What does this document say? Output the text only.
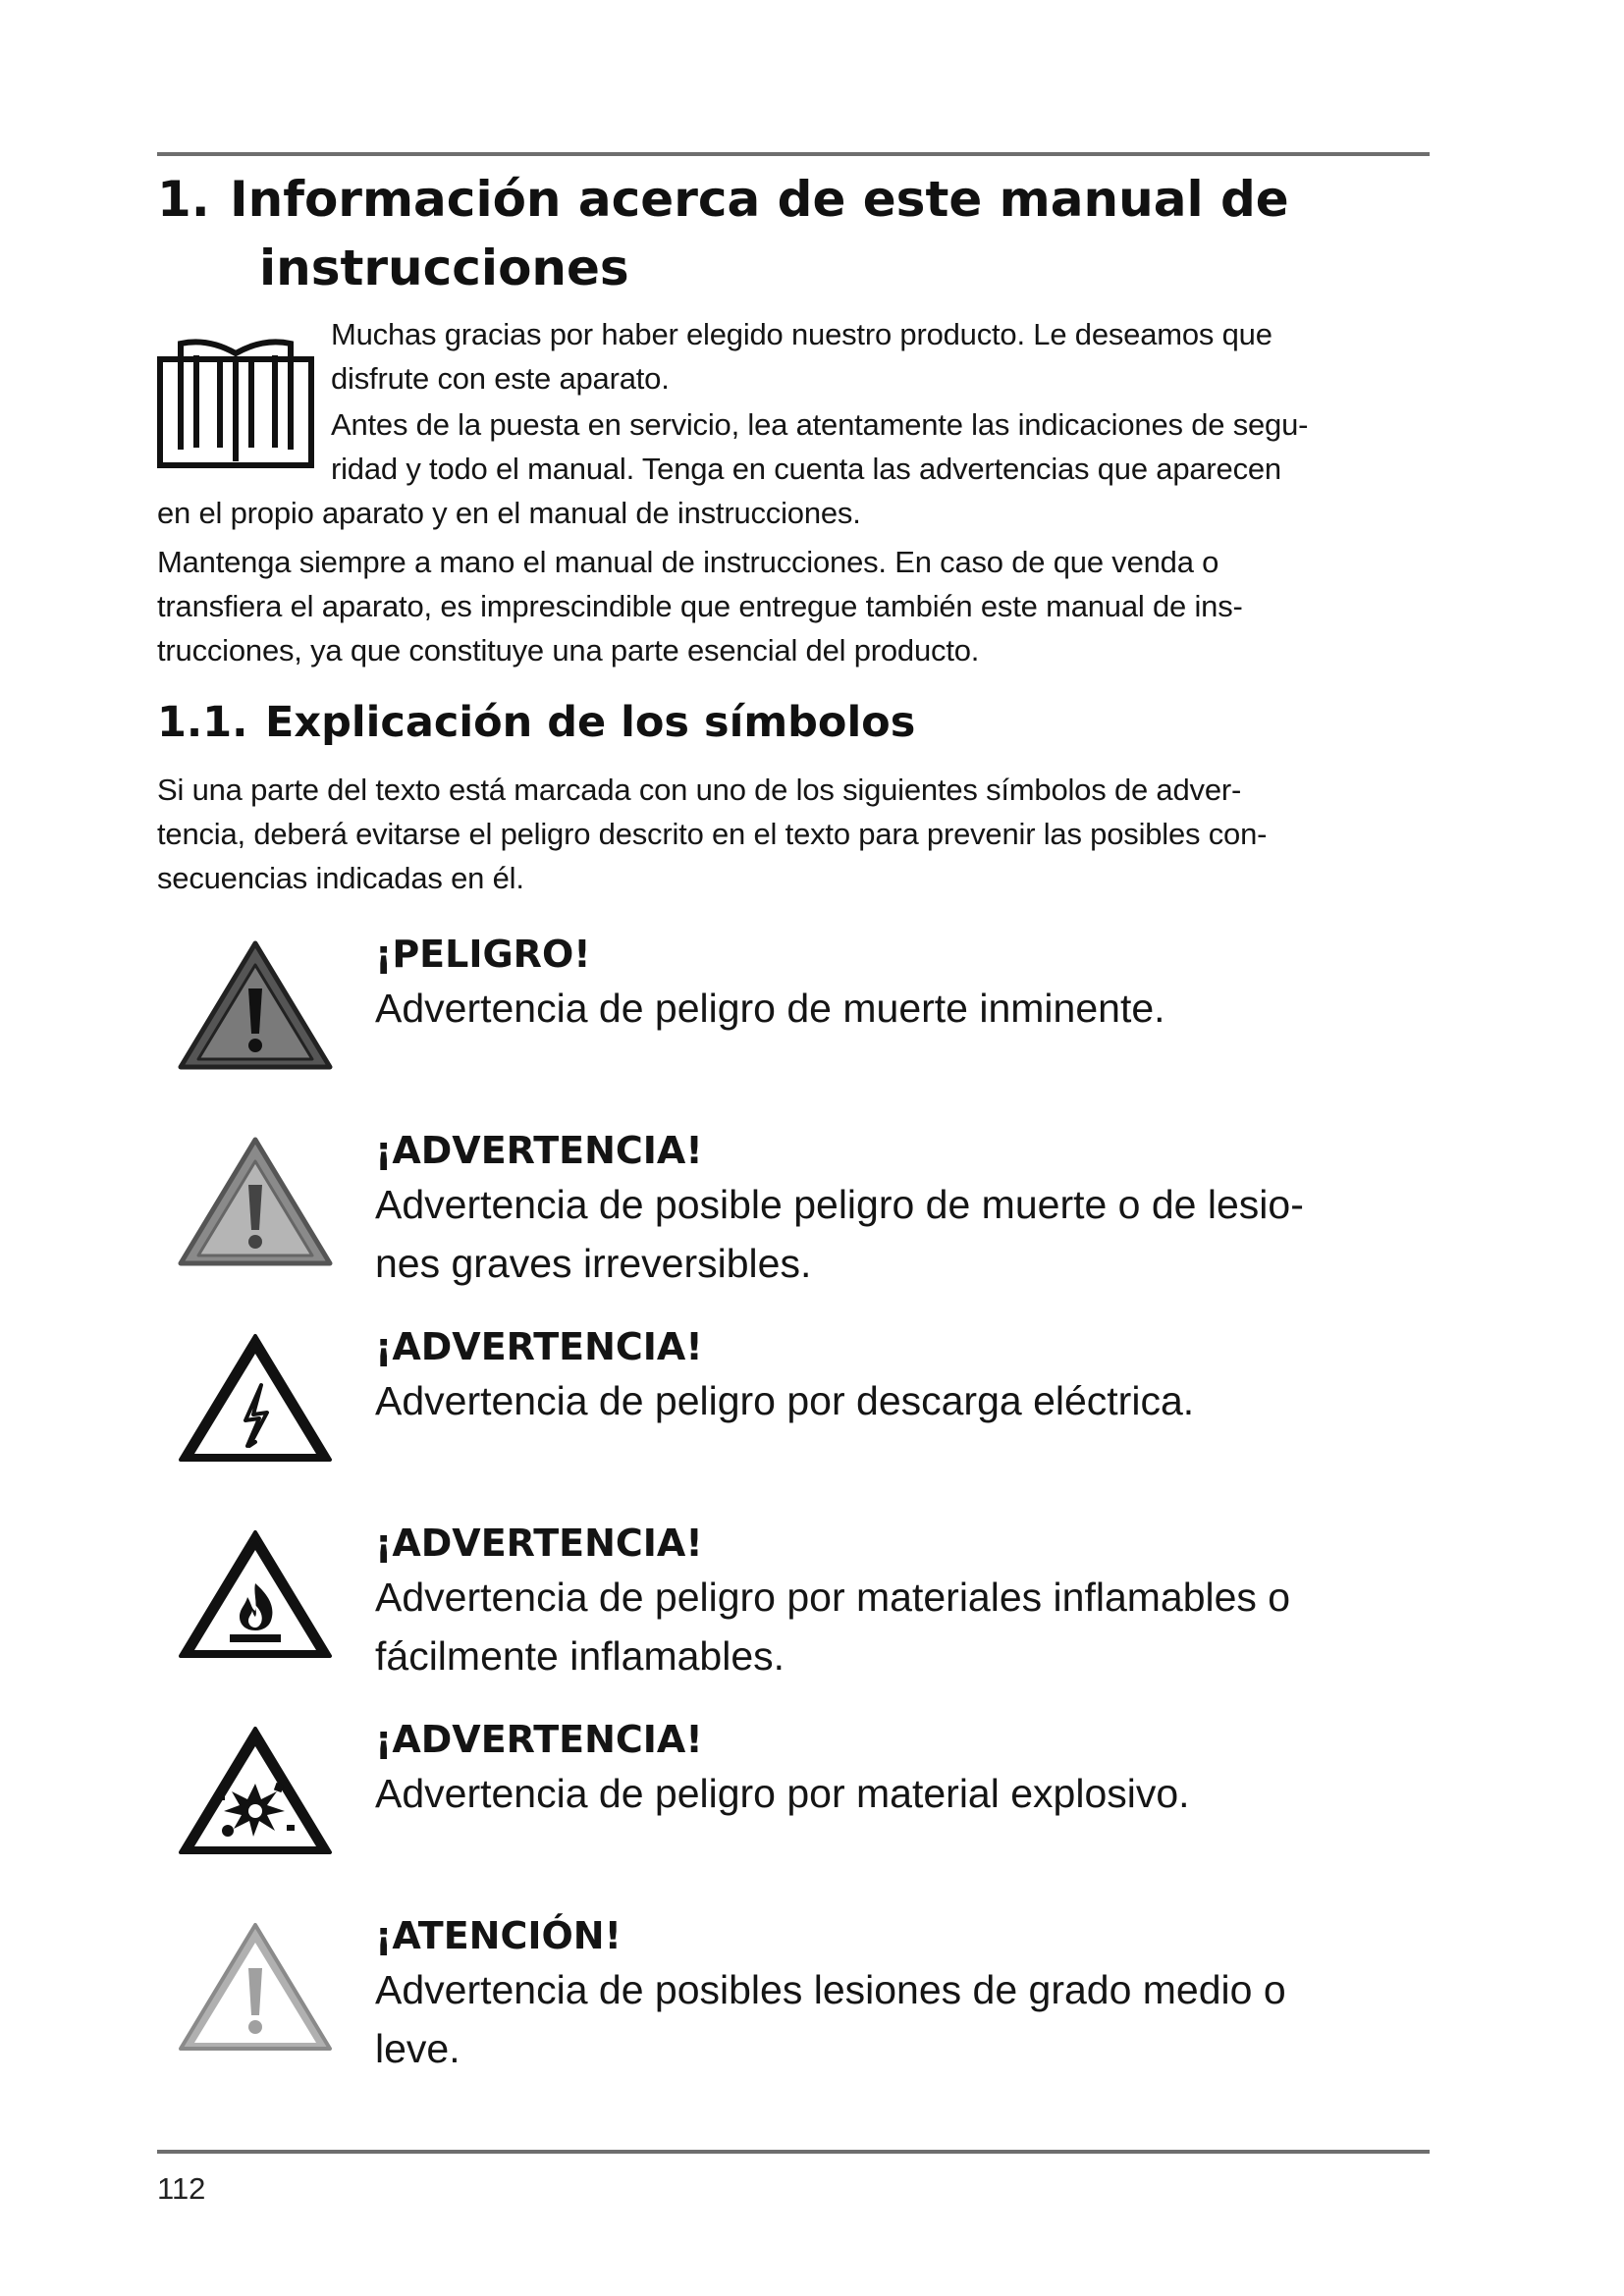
1. Información acerca de este manual de
instrucciones
Muchas gracias por haber elegido nuestro producto. Le deseamos que
disfrute con este aparato.
Antes de la puesta en servicio, lea atentamente las indicaciones de segu-
ridad y todo el manual. Tenga en cuenta las advertencias que aparecen
en el propio aparato y en el manual de instrucciones.
Mantenga siempre a mano el manual de instrucciones. En caso de que venda o
transfiera el aparato, es imprescindible que entregue también este manual de ins-
trucciones, ya que constituye una parte esencial del producto.
1.1. Explicación de los símbolos
Si una parte del texto está marcada con uno de los siguientes símbolos de adver-
tencia, deberá evitarse el peligro descrito en el texto para prevenir las posibles con-
secuencias indicadas en él.
¡PELIGRO!
Advertencia de peligro de muerte inminente.
¡ADVERTENCIA!
Advertencia de posible peligro de muerte o de lesio-
nes graves irreversibles.
¡ADVERTENCIA!
Advertencia de peligro por descarga eléctrica.
¡ADVERTENCIA!
Advertencia de peligro por materiales inflamables o
fácilmente inflamables.
¡ADVERTENCIA!
Advertencia de peligro por material explosivo.
¡ATENCIÓN!
Advertencia de posibles lesiones de grado medio o
leve.
112
